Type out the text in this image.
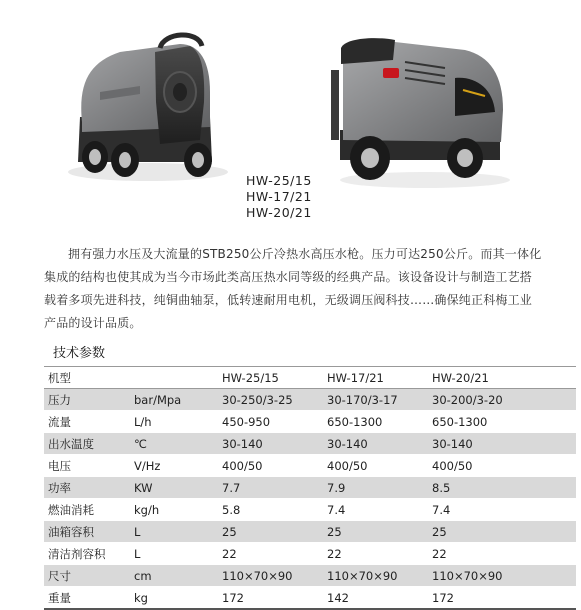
HW-25/15
HW-17/21
HW-20/21

拥有强力水压及大流量的STB250公斤冷热水高压水枪。压力可达250公斤。而其一体化集成的结构也使其成为当今市场此类高压热水同等级的经典产品。该设备设计与制造工艺搭载着多项先进科技，纯铜曲轴泵，低转速耐用电机，无级调压阀科技……确保纯正科梅工业产品的设计品质。

技术参数
机型		HW-25/15	HW-17/21	HW-20/21
压力	bar/Mpa	30-250/3-25	30-170/3-17	30-200/3-20
流量	L/h	450-950	650-1300	650-1300
出水温度	℃	30-140	30-140	30-140
电压	V/Hz	400/50	400/50	400/50
功率	KW	7.7	7.9	8.5
燃油消耗	kg/h	5.8	7.4	7.4
油箱容积	L	25	25	25
清洁剂容积	L	22	22	22
尺寸	cm	110×70×90	110×70×90	110×70×90
重量	kg	172	142	172
